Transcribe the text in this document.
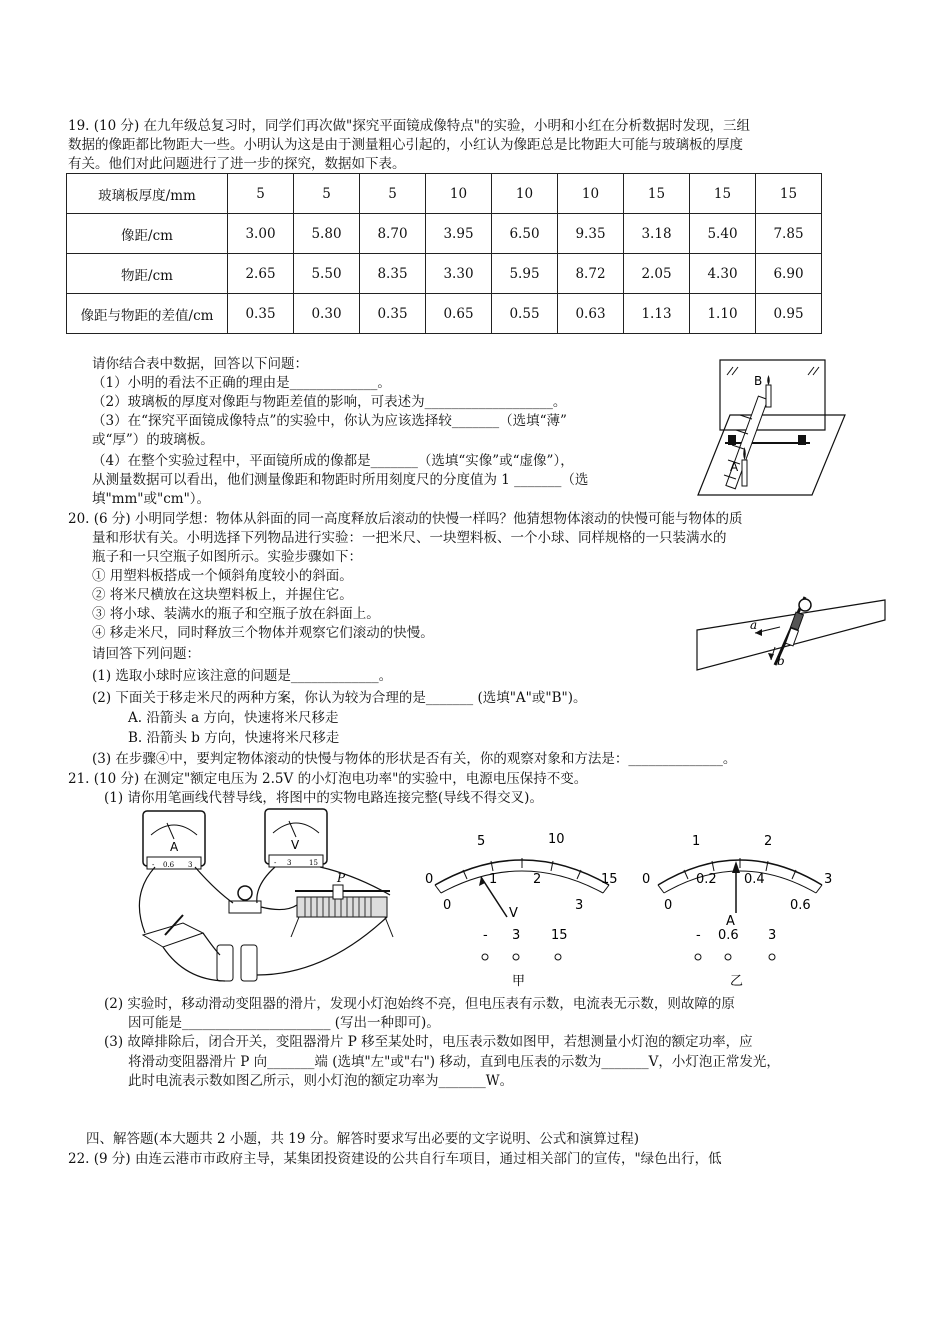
19. (10 分) 在九年级总复习时，同学们再次做"探究平面镜成像特点"的实验，小明和小红在分析数据时发现，三组
数据的像距都比物距大一些。小明认为这是由于测量粗心引起的，小红认为像距总是比物距大可能与玻璃板的厚度
有关。他们对此问题进行了进一步的探究，数据如下表。
玻璃板厚度/mm	5	5	5	10	10	10	15	15	15
像距/cm	3.00	5.80	8.70	3.95	6.50	9.35	3.18	5.40	7.85
物距/cm	2.65	5.50	8.35	3.30	5.95	8.72	2.05	4.30	6.90
像距与物距的差值/cm	0.35	0.30	0.35	0.65	0.55	0.63	1.13	1.10	0.95
请你结合表中数据，回答以下问题：
（1）小明的看法不正确的理由是_____________。
（2）玻璃板的厚度对像距与物距差值的影响，可表述为___________________。
（3）在“探究平面镜成像特点”的实验中，你认为应该选择较_______（选填“薄”
或“厚”）的玻璃板。
（4）在整个实验过程中，平面镜所成的像都是_______（选填“实像”或“虚像”），
从测量数据可以看出，他们测量像距和物距时所用刻度尺的分度值为 1 _______（选
填"mm"或"cm"）。
B
A
20. (6 分) 小明同学想：物体从斜面的同一高度释放后滚动的快慢一样吗？他猜想物体滚动的快慢可能与物体的质
量和形状有关。小明选择下列物品进行实验：一把米尺、一块塑料板、一个小球、同样规格的一只装满水的
瓶子和一只空瓶子如图所示。实验步骤如下：
① 用塑料板搭成一个倾斜角度较小的斜面。
② 将米尺横放在这块塑料板上，并握住它。
③ 将小球、装满水的瓶子和空瓶子放在斜面上。
④ 移走米尺，同时释放三个物体并观察它们滚动的快慢。
请回答下列问题：
(1) 选取小球时应该注意的问题是_____________。
(2) 下面关于移走米尺的两种方案，你认为较为合理的是_______ (选填"A"或"B")。
A. 沿箭头 a 方向，快速将米尺移走
B. 沿箭头 b 方向，快速将米尺移走
(3) 在步骤④中，要判定物体滚动的快慢与物体的形状是否有关，你的观察对象和方法是：______________。
a
b
21. (10 分) 在测定"额定电压为 2.5V 的小灯泡电功率"的实验中，电源电压保持不变。
(1) 请你用笔画线代替导线，将图中的实物电路连接完整(导线不得交叉)。
A
- 0.6 3
V
- 3	15
P	0
5	10
15
0
1	2
3
V
- 3 15
甲
0
1	2
3
0
0.2 0.4
0.6
A
- 0.6 3
乙
(2) 实验时，移动滑动变阻器的滑片，发现小灯泡始终不亮，但电压表有示数，电流表无示数，则故障的原
因可能是______________________ (写出一种即可)。
(3) 故障排除后，闭合开关，变阻器滑片 P 移至某处时，电压表示数如图甲，若想测量小灯泡的额定功率，应
将滑动变阻器滑片 P 向_______端 (选填"左"或"右") 移动，直到电压表的示数为_______V，小灯泡正常发光，
此时电流表示数如图乙所示，则小灯泡的额定功率为_______W。
四、解答题(本大题共 2 小题，共 19 分。解答时要求写出必要的文字说明、公式和演算过程)
22. (9 分) 由连云港市市政府主导，某集团投资建设的公共自行车项目，通过相关部门的宣传，"绿色出行，低
